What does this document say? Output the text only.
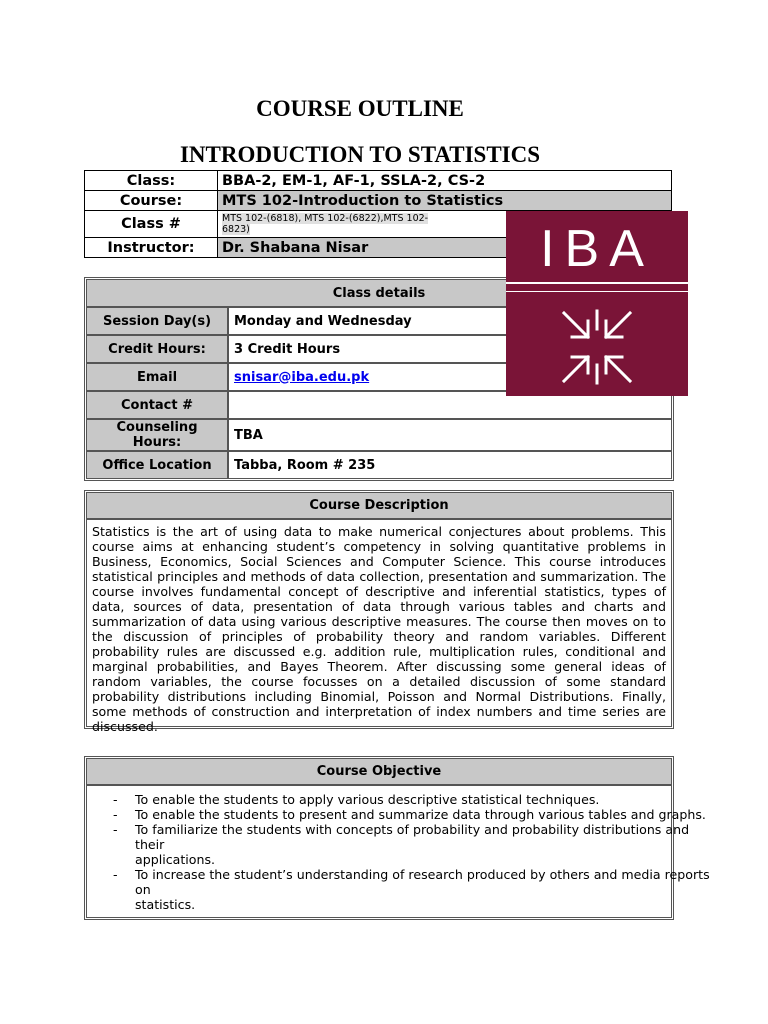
COURSE OUTLINE
INTRODUCTION TO STATISTICS
Class:	BBA-2, EM-1, AF-1, SSLA-2, CS-2
Course:	MTS 102-Introduction to Statistics
Class #	MTS 102-(6818), MTS 102-(6822),MTS 102-
6823)
Instructor:	Dr. Shabana Nisar
Class details	
Session Day(s)	Monday and Wednesday
Credit Hours:	3 Credit Hours
Email	snisar@iba.edu.pk
Contact #	
Counseling Hours:	TBA
Office Location	Tabba, Room # 235
IBA
Course Description
Statistics is the art of using data to make numerical conjectures about problems. This course aims at enhancing student’s competency in solving quantitative problems in Business, Economics, Social Sciences and Computer Science. This course introduces statistical principles and methods of data collection, presentation and summarization. The course involves fundamental concept of descriptive and inferential statistics, types of data, sources of data, presentation of data through various tables and charts and summarization of data using various descriptive measures. The course then moves on to the discussion of principles of probability theory and random variables. Different probability rules are discussed e.g. addition rule, multiplication rules, conditional and marginal probabilities, and Bayes Theorem. After discussing some general ideas of random variables, the course focusses on a detailed discussion of some standard probability distributions including Binomial, Poisson and Normal Distributions. Finally, some methods of construction and interpretation of index numbers and time series are discussed.
Course Objective
- To enable the students to apply various descriptive statistical techniques.
- To enable the students to present and summarize data through various tables and graphs.
- To familiarize the students with concepts of probability and probability distributions and their
applications.
- To increase the student’s understanding of research produced by others and media reports on
statistics.
